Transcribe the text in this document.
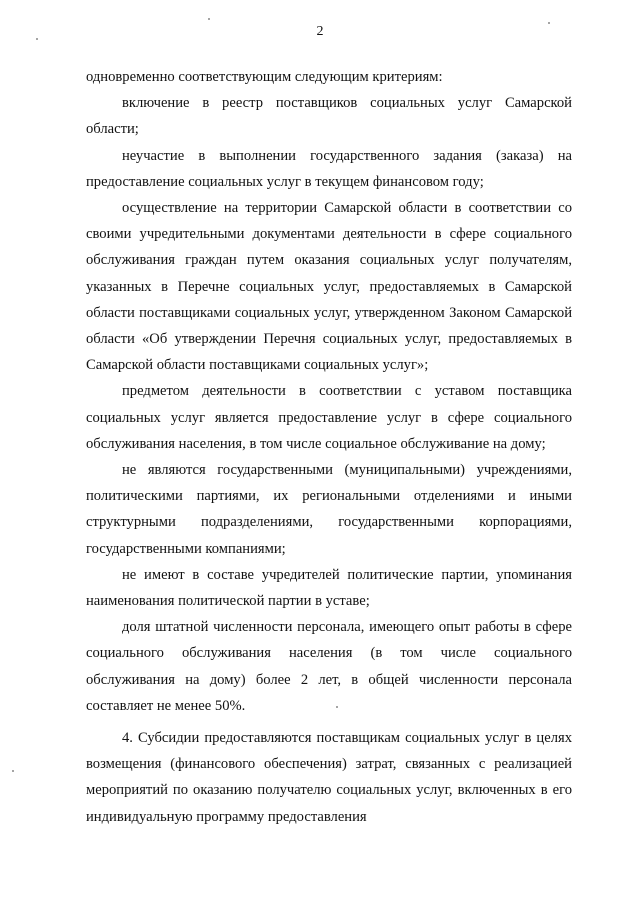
2

одновременно соответствующим следующим критериям:

включение в реестр поставщиков социальных услуг Самарской области;

неучастие в выполнении государственного задания (заказа) на предоставление социальных услуг в текущем финансовом году;

осуществление на территории Самарской области в соответствии со своими учредительными документами деятельности в сфере социального обслуживания граждан путем оказания социальных услуг получателям, указанных в Перечне социальных услуг, предоставляемых в Самарской области поставщиками социальных услуг, утвержденном Законом Самарской области «Об утверждении Перечня социальных услуг, предоставляемых в Самарской области поставщиками социальных услуг»;

предметом деятельности в соответствии с уставом поставщика социальных услуг является предоставление услуг в сфере социального обслуживания населения, в том числе социальное обслуживание на дому;

не являются государственными (муниципальными) учреждениями, политическими партиями, их региональными отделениями и иными структурными подразделениями, государственными корпорациями, государственными компаниями;

не имеют в составе учредителей политические партии, упоминания наименования политической партии в уставе;

доля штатной численности персонала, имеющего опыт работы в сфере социального обслуживания населения (в том числе социального обслуживания на дому) более 2 лет, в общей численности персонала составляет не менее 50%.

4. Субсидии предоставляются поставщикам социальных услуг в целях возмещения (финансового обеспечения) затрат, связанных с реализацией мероприятий по оказанию получателю социальных услуг, включенных в его индивидуальную программу предоставления
